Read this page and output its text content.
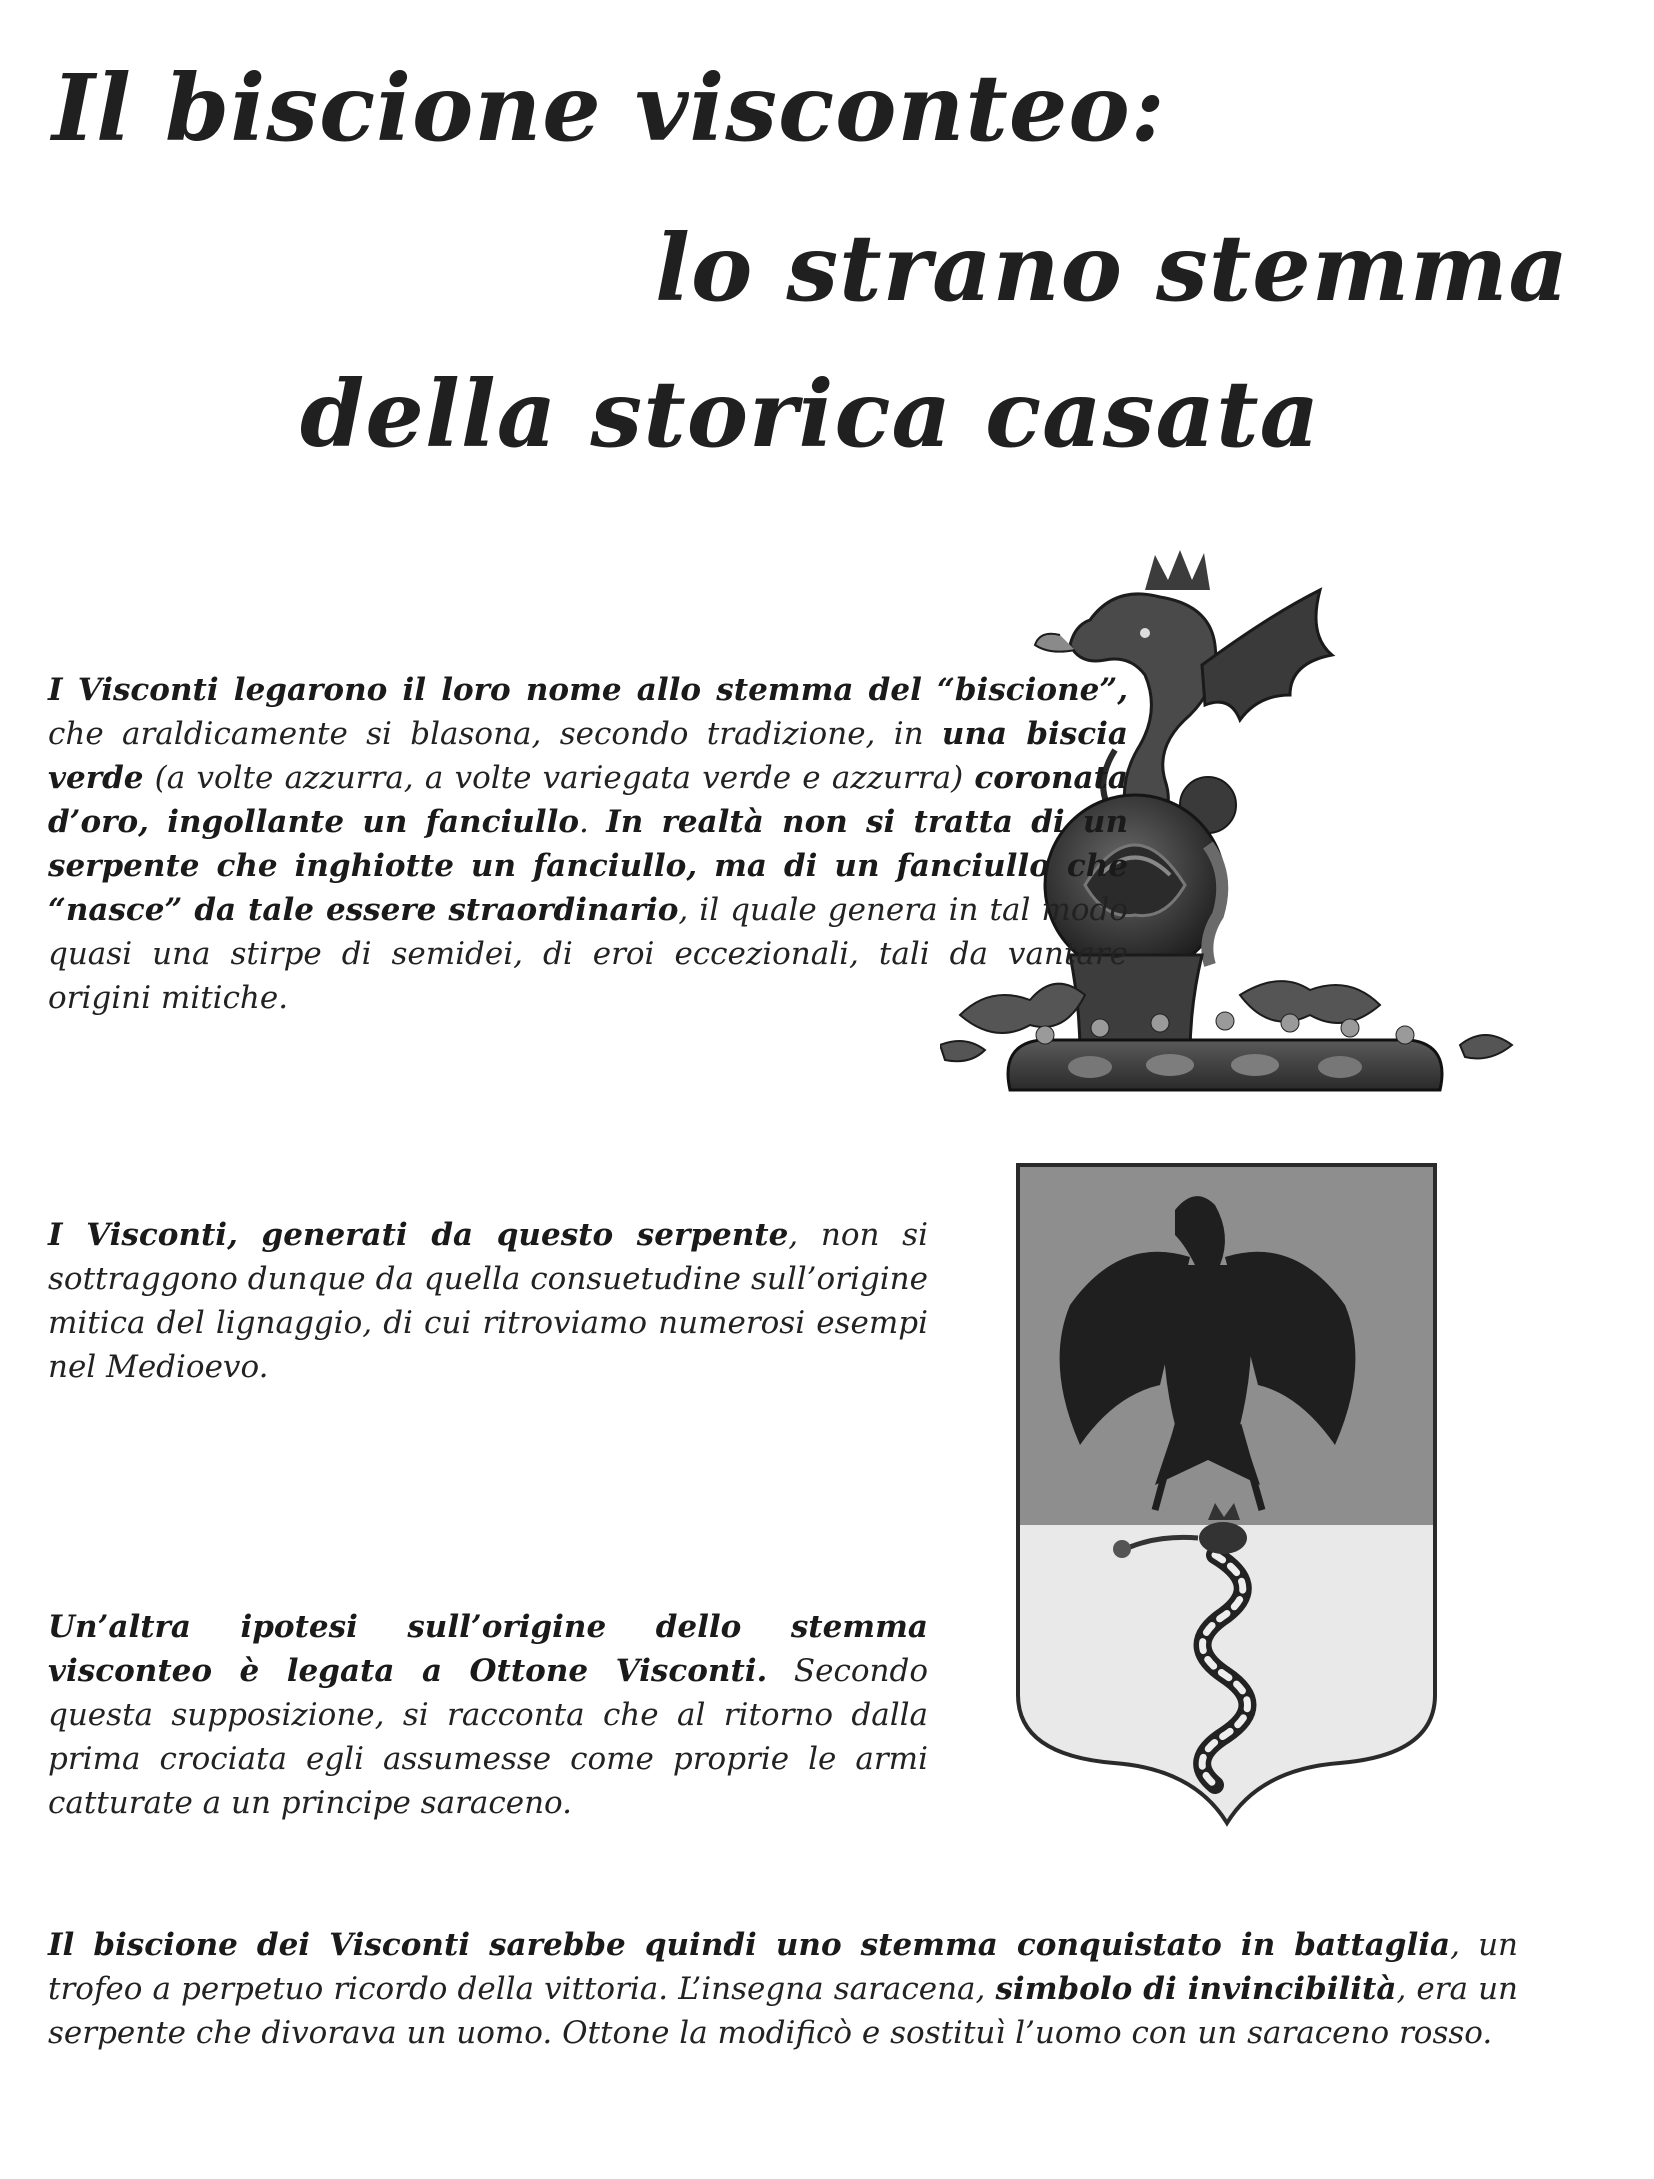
Il biscione visconteo:
lo strano stemma
della storica casata

I Visconti legarono il loro nome allo stemma del “biscione”, che araldicamente si blasona, secondo tradizione, in una biscia verde (a volte azzurra, a volte variegata verde e azzurra) coronata d’oro, ingollante un fanciullo. In realtà non si tratta di un serpente che inghiotte un fanciullo, ma di un fanciullo che “nasce” da tale essere straordinario, il quale genera in tal modo quasi una stirpe di semidei, di eroi eccezionali, tali da vantare origini mitiche.

I Visconti, generati da questo serpente, non si sottraggono dunque da quella consuetudine sull’origine mitica del lignaggio, di cui ritroviamo numerosi esempi nel Medioevo.

Un’altra ipotesi sull’origine dello stemma visconteo è legata a Ottone Visconti. Secondo questa supposizione, si racconta che al ritorno dalla prima crociata egli assumesse come proprie le armi catturate a un principe saraceno.

Il biscione dei Visconti sarebbe quindi uno stemma conquistato in battaglia, un trofeo a perpetuo ricordo della vittoria. L’insegna saracena, simbolo di invincibilità, era un serpente che divorava un uomo. Ottone la modificò e sostituì l’uomo con un saraceno rosso.
